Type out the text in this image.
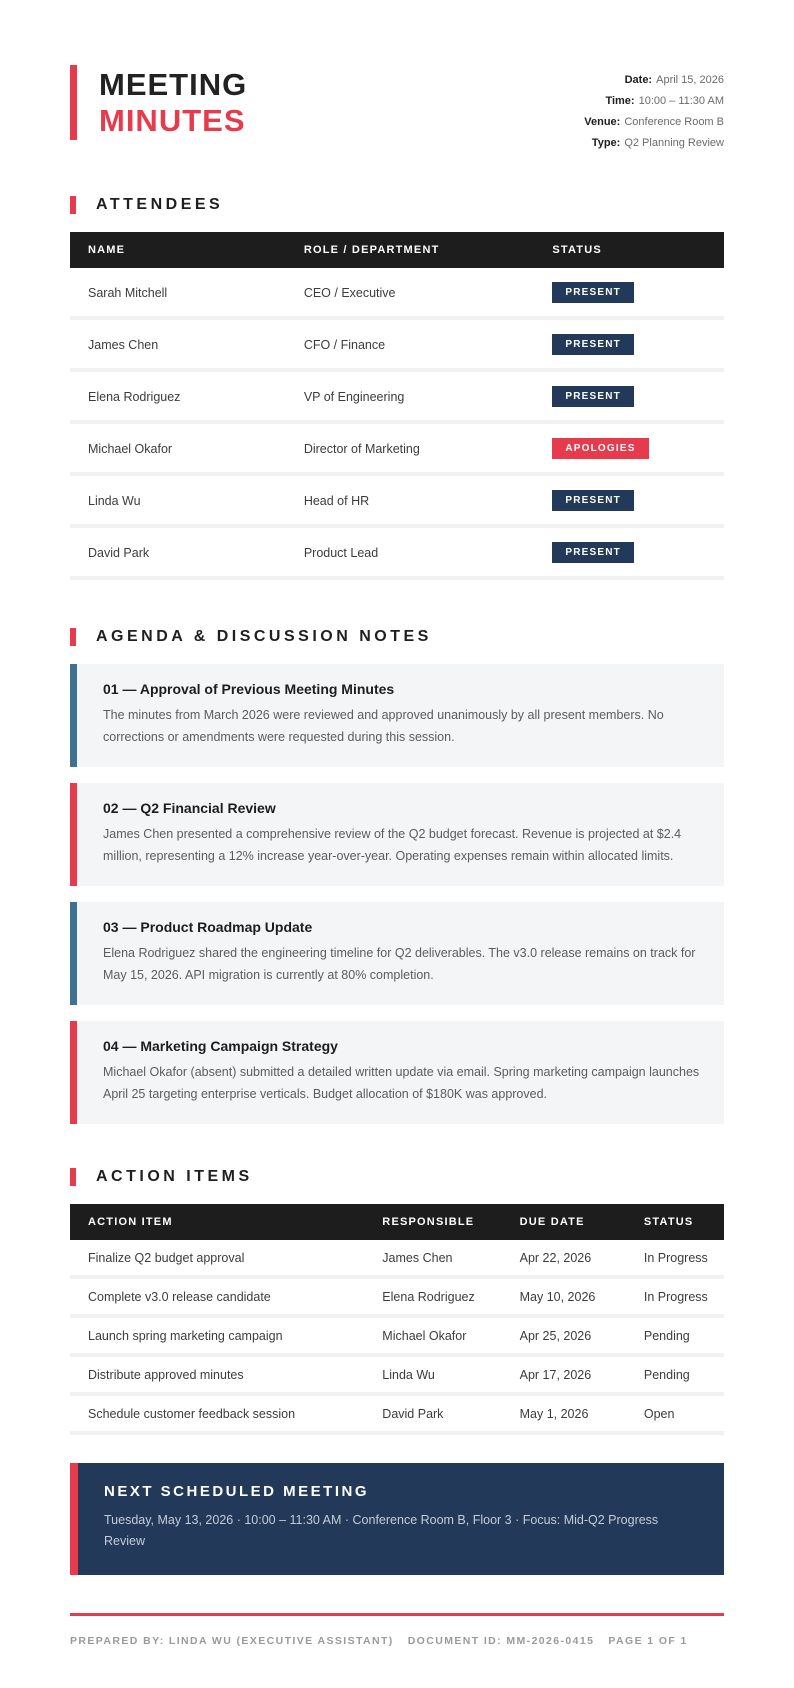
MEETING
MINUTES
Date: April 15, 2026
Time: 10:00 – 11:30 AM
Venue: Conference Room B
Type: Q2 Planning Review
ATTENDEES
NAME	ROLE / DEPARTMENT	STATUS
Sarah Mitchell	CEO / Executive	PRESENT
James Chen	CFO / Finance	PRESENT
Elena Rodriguez	VP of Engineering	PRESENT
Michael Okafor	Director of Marketing	APOLOGIES
Linda Wu	Head of HR	PRESENT
David Park	Product Lead	PRESENT
AGENDA & DISCUSSION NOTES
01 — Approval of Previous Meeting Minutes
The minutes from March 2026 were reviewed and approved unanimously by all present members. No corrections or amendments were requested during this session.
02 — Q2 Financial Review
James Chen presented a comprehensive review of the Q2 budget forecast. Revenue is projected at $2.4 million, representing a 12% increase year-over-year. Operating expenses remain within allocated limits.
03 — Product Roadmap Update
Elena Rodriguez shared the engineering timeline for Q2 deliverables. The v3.0 release remains on track for May 15, 2026. API migration is currently at 80% completion.
04 — Marketing Campaign Strategy
Michael Okafor (absent) submitted a detailed written update via email. Spring marketing campaign launches April 25 targeting enterprise verticals. Budget allocation of $180K was approved.
ACTION ITEMS
ACTION ITEM	RESPONSIBLE	DUE DATE	STATUS
Finalize Q2 budget approval	James Chen	Apr 22, 2026	In Progress
Complete v3.0 release candidate	Elena Rodriguez	May 10, 2026	In Progress
Launch spring marketing campaign	Michael Okafor	Apr 25, 2026	Pending
Distribute approved minutes	Linda Wu	Apr 17, 2026	Pending
Schedule customer feedback session	David Park	May 1, 2026	Open
NEXT SCHEDULED MEETING
Tuesday, May 13, 2026 · 10:00 – 11:30 AM · Conference Room B, Floor 3 · Focus: Mid-Q2 Progress Review
PREPARED BY: LINDA WU (EXECUTIVE ASSISTANT) DOCUMENT ID: MM-2026-0415 PAGE 1 OF 1
